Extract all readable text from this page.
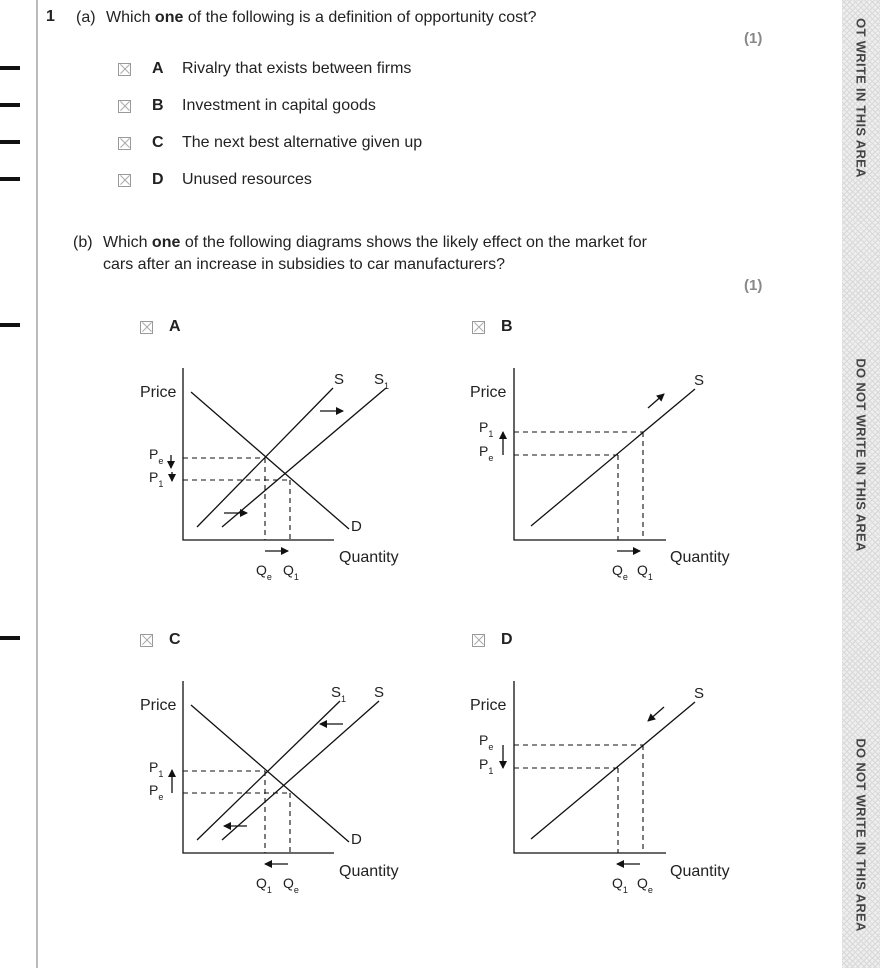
1 (a) Which one of the following is a definition of opportunity cost?
(1)
A	Rivalry that exists between firms
B	Investment in capital goods
C	The next best alternative given up
D	Unused resources
(b) Which one of the following diagrams shows the likely effect on the market for
cars after an increase in subsidies to car manufacturers?
(1)
A	B
C	D
Price
Quantity
S $S_1$
D
$P_e$
$P_1$
$Q_e$ $Q_1$
Price
Quantity
S
$P_1$
$P_e$
$Q_e$ $Q_1$
Price
Quantity
$S_1$ S
D
$P_1$
$P_e$
$Q_1$ $Q_e$
Price
Quantity
S
$P_e$
$P_1$
$Q_1$ $Q_e$
OT WRITE IN THIS AREA
DO NOT WRITE IN THIS AREA
DO NOT WRITE IN THIS AREA
